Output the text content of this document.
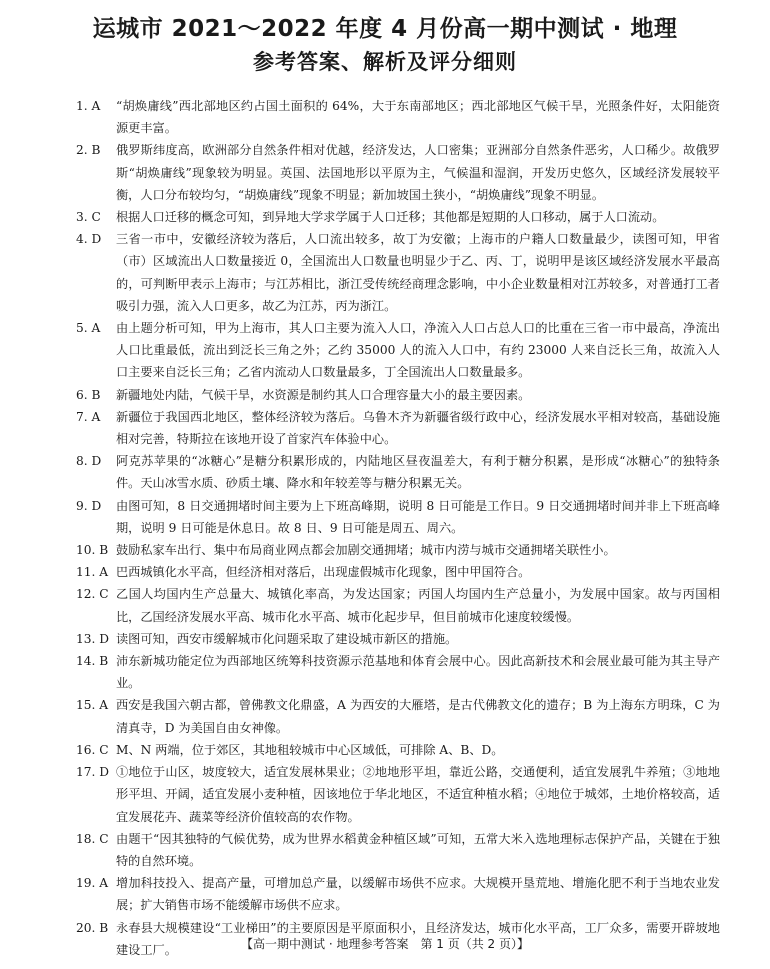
运城市 2021～2022 年度 4 月份高一期中测试 · 地理
参考答案、解析及评分细则
1. A	“胡焕庸线”西北部地区约占国土面积的 64%，大于东南部地区；西北部地区气候干旱，光照条件好，太阳能资源更丰富。
2. B	俄罗斯纬度高，欧洲部分自然条件相对优越，经济发达，人口密集；亚洲部分自然条件恶劣，人口稀少。故俄罗斯“胡焕庸线”现象较为明显。英国、法国地形以平原为主，气候温和湿润，开发历史悠久，区域经济发展较平衡，人口分布较均匀，“胡焕庸线”现象不明显；新加坡国土狭小，“胡焕庸线”现象不明显。
3. C	根据人口迁移的概念可知，到异地大学求学属于人口迁移；其他都是短期的人口移动，属于人口流动。
4. D	三省一市中，安徽经济较为落后，人口流出较多，故丁为安徽；上海市的户籍人口数量最少，读图可知，甲省（市）区域流出人口数量接近 0，全国流出人口数量也明显少于乙、丙、丁，说明甲是该区域经济发展水平最高的，可判断甲表示上海市；与江苏相比，浙江受传统经商理念影响，中小企业数量相对江苏较多，对普通打工者吸引力强，流入人口更多，故乙为江苏，丙为浙江。
5. A	由上题分析可知，甲为上海市，其人口主要为流入人口，净流入人口占总人口的比重在三省一市中最高，净流出人口比重最低，流出到泛长三角之外；乙约 35000 人的流入人口中，有约 23000 人来自泛长三角，故流入人口主要来自泛长三角；乙省内流动人口数量最多，丁全国流出人口数量最多。
6. B	新疆地处内陆，气候干旱，水资源是制约其人口合理容量大小的最主要因素。
7. A	新疆位于我国西北地区，整体经济较为落后。乌鲁木齐为新疆省级行政中心，经济发展水平相对较高，基础设施相对完善，特斯拉在该地开设了首家汽车体验中心。
8. D	阿克苏苹果的“冰糖心”是糖分积累形成的，内陆地区昼夜温差大，有利于糖分积累，是形成“冰糖心”的独特条件。天山冰雪水质、砂质土壤、降水和年较差等与糖分积累无关。
9. D	由图可知，8 日交通拥堵时间主要为上下班高峰期，说明 8 日可能是工作日。9 日交通拥堵时间并非上下班高峰期，说明 9 日可能是休息日。故 8 日、9 日可能是周五、周六。
10. B 鼓励私家车出行、集中布局商业网点都会加剧交通拥堵；城市内涝与城市交通拥堵关联性小。
11. A 巴西城镇化水平高，但经济相对落后，出现虚假城市化现象，图中甲国符合。
12. C 乙国人均国内生产总量大、城镇化率高，为发达国家；丙国人均国内生产总量小，为发展中国家。故与丙国相比，乙国经济发展水平高、城市化水平高、城市化起步早，但目前城市化速度较缓慢。
13. D 读图可知，西安市缓解城市化问题采取了建设城市新区的措施。
14. B 沛东新城功能定位为西部地区统筹科技资源示范基地和体育会展中心。因此高新技术和会展业最可能为其主导产业。
15. A 西安是我国六朝古都，曾佛教文化鼎盛，A 为西安的大雁塔，是古代佛教文化的遗存；B 为上海东方明珠，C 为清真寺，D 为美国自由女神像。
16. C M、N 两端，位于郊区，其地租较城市中心区域低，可排除 A、B、D。
17. D ①地位于山区，坡度较大，适宜发展林果业；②地地形平坦，靠近公路，交通便利，适宜发展乳牛养殖；③地地形平坦、开阔，适宜发展小麦种植，因该地位于华北地区，不适宜种植水稻；④地位于城郊，土地价格较高，适宜发展花卉、蔬菜等经济价值较高的农作物。
18. C 由题干“因其独特的气候优势，成为世界水稻黄金种植区域”可知，五常大米入选地理标志保护产品，关键在于独特的自然环境。
19. A 增加科技投入、提高产量，可增加总产量，以缓解市场供不应求。大规模开垦荒地、增施化肥不利于当地农业发展；扩大销售市场不能缓解市场供不应求。
20. B 永春县大规模建设“工业梯田”的主要原因是平原面积小，且经济发达，城市化水平高，工厂众多，需要开辟坡地建设工厂。	【高一期中测试 · 地理参考答案　第 1 页（共 2 页）】
